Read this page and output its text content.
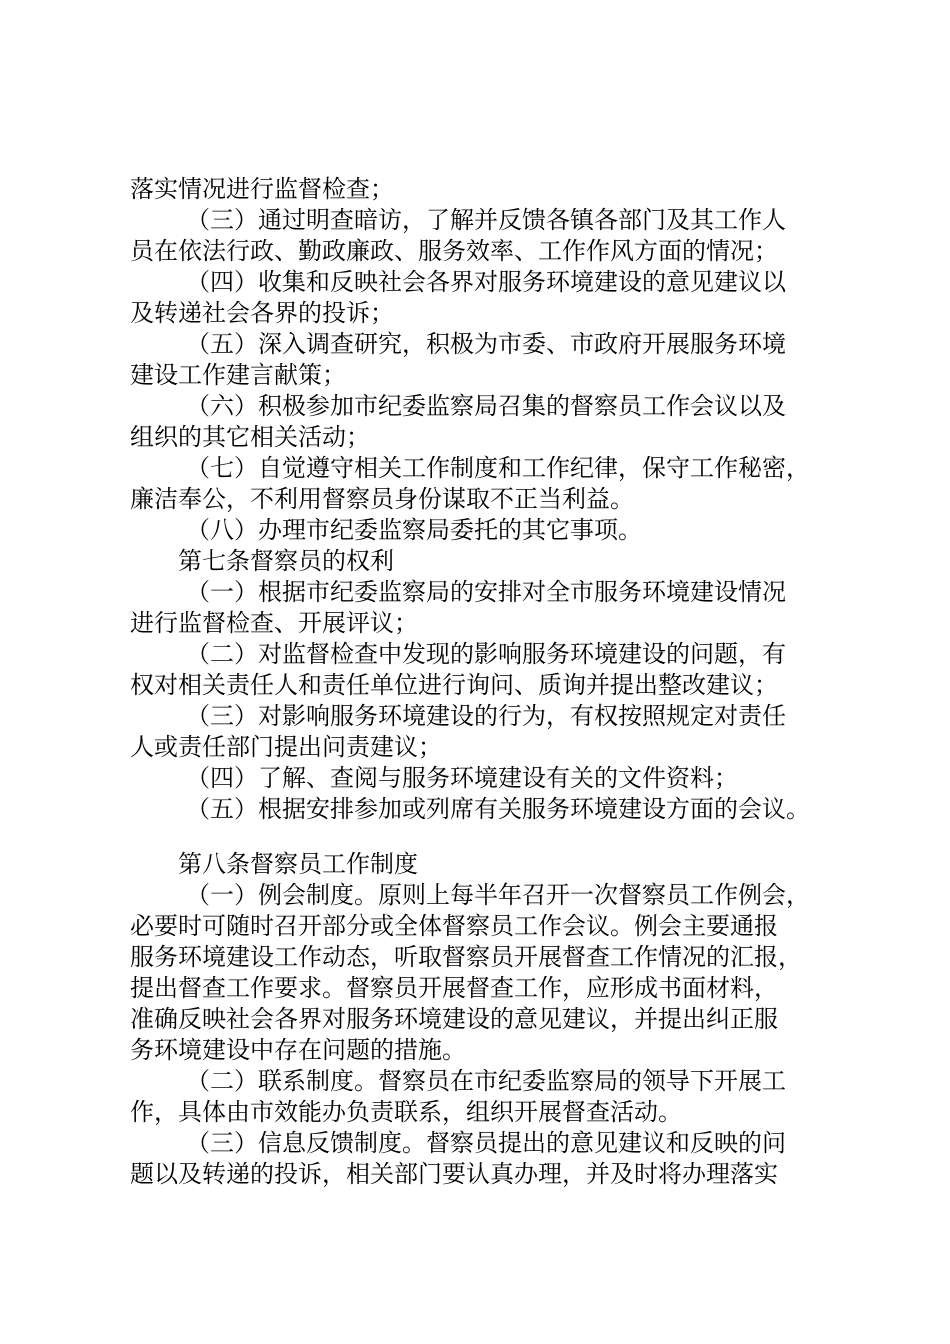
落实情况进行监督检查；
（三）通过明查暗访，了解并反馈各镇各部门及其工作人
员在依法行政、勤政廉政、服务效率、工作作风方面的情况；
（四）收集和反映社会各界对服务环境建设的意见建议以
及转递社会各界的投诉；
（五）深入调查研究，积极为市委、市政府开展服务环境
建设工作建言献策；
（六）积极参加市纪委监察局召集的督察员工作会议以及
组织的其它相关活动；
（七）自觉遵守相关工作制度和工作纪律，保守工作秘密，
廉洁奉公，不利用督察员身份谋取不正当利益。
（八）办理市纪委监察局委托的其它事项。
第七条督察员的权利
（一）根据市纪委监察局的安排对全市服务环境建设情况
进行监督检查、开展评议；
（二）对监督检查中发现的影响服务环境建设的问题，有
权对相关责任人和责任单位进行询问、质询并提出整改建议；
（三）对影响服务环境建设的行为，有权按照规定对责任
人或责任部门提出问责建议；
（四）了解、查阅与服务环境建设有关的文件资料；
（五）根据安排参加或列席有关服务环境建设方面的会议。
第八条督察员工作制度
（一）例会制度。原则上每半年召开一次督察员工作例会，
必要时可随时召开部分或全体督察员工作会议。例会主要通报
服务环境建设工作动态，听取督察员开展督查工作情况的汇报，
提出督查工作要求。督察员开展督查工作，应形成书面材料，
准确反映社会各界对服务环境建设的意见建议，并提出纠正服
务环境建设中存在问题的措施。
（二）联系制度。督察员在市纪委监察局的领导下开展工
作，具体由市效能办负责联系，组织开展督查活动。
（三）信息反馈制度。督察员提出的意见建议和反映的问
题以及转递的投诉，相关部门要认真办理，并及时将办理落实
